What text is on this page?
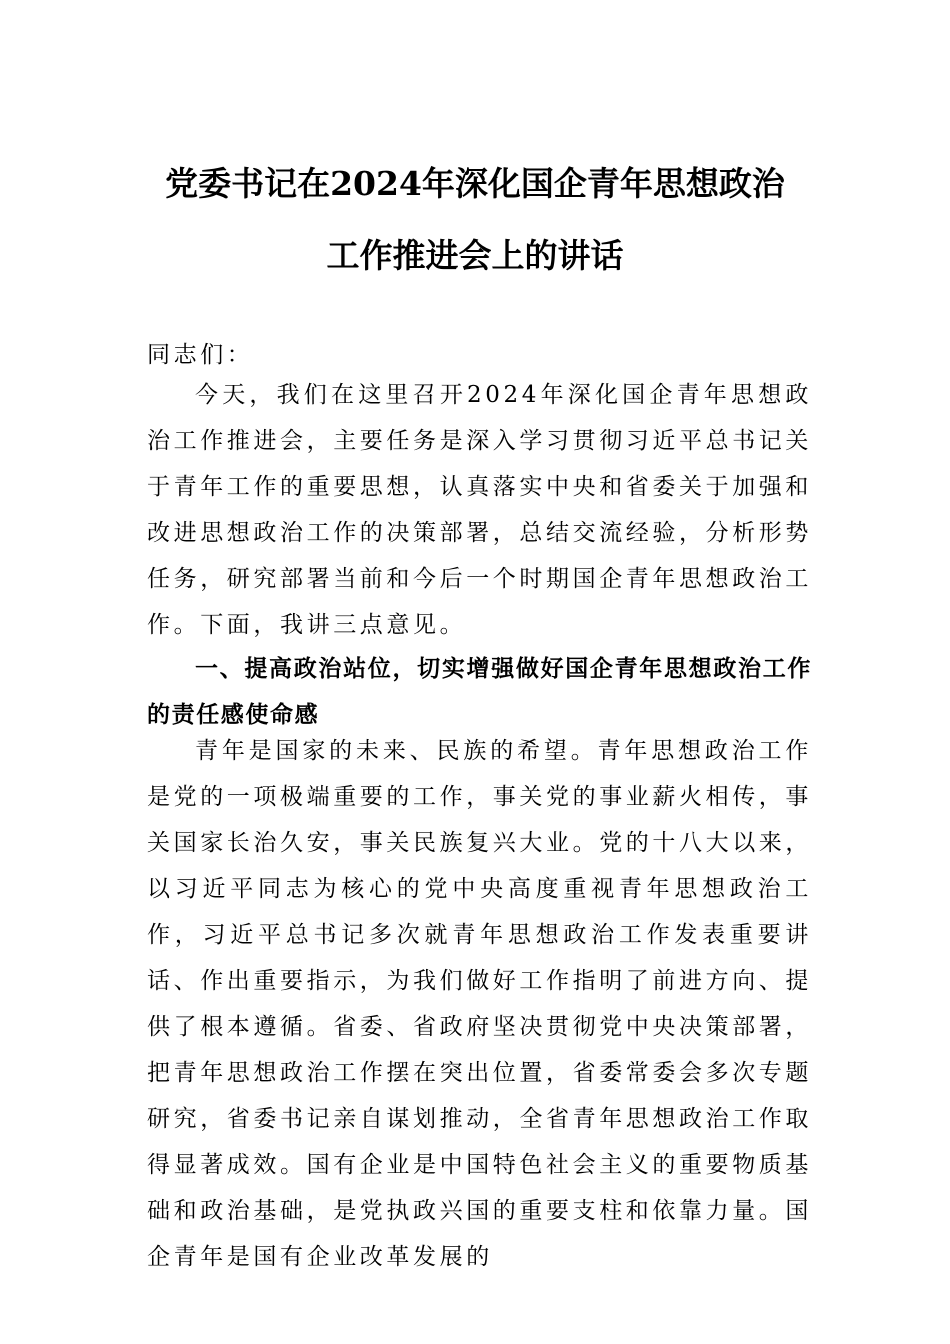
党委书记在2024年深化国企青年思想政治
工作推进会上的讲话
同志们：
今天，我们在这里召开2024年深化国企青年思想政治工作推进会，主要任务是深入学习贯彻习近平总书记关于青年工作的重要思想，认真落实中央和省委关于加强和改进思想政治工作的决策部署，总结交流经验，分析形势任务，研究部署当前和今后一个时期国企青年思想政治工作。下面，我讲三点意见。
一、提高政治站位，切实增强做好国企青年思想政治工作的责任感使命感
青年是国家的未来、民族的希望。青年思想政治工作是党的一项极端重要的工作，事关党的事业薪火相传，事关国家长治久安，事关民族复兴大业。党的十八大以来，以习近平同志为核心的党中央高度重视青年思想政治工作，习近平总书记多次就青年思想政治工作发表重要讲话、作出重要指示，为我们做好工作指明了前进方向、提供了根本遵循。省委、省政府坚决贯彻党中央决策部署，把青年思想政治工作摆在突出位置，省委常委会多次专题研究，省委书记亲自谋划推动，全省青年思想政治工作取得显著成效。国有企业是中国特色社会主义的重要物质基础和政治基础，是党执政兴国的重要支柱和依靠力量。国企青年是国有企业改革发展的
